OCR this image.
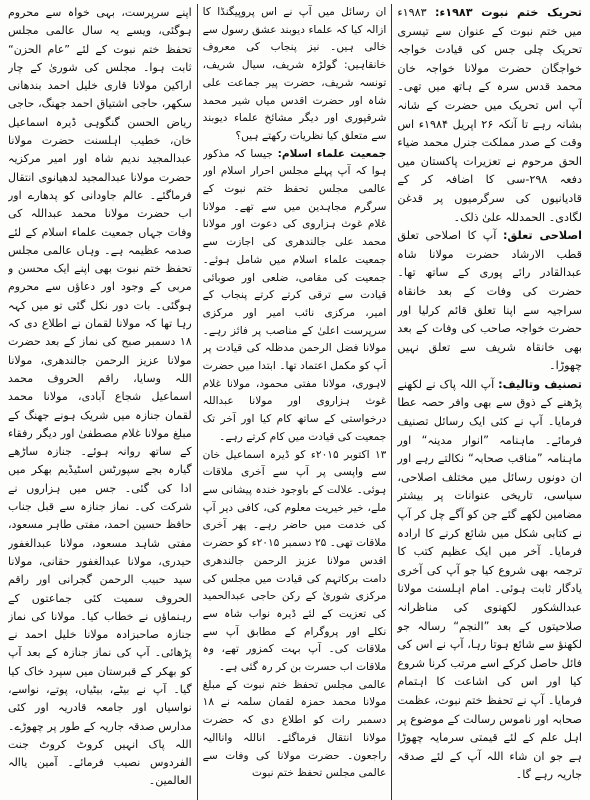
تحریک ختم نبوت ۱۹۸۳ء: ۱۹۸۳ء میں ختم نبوت کے عنوان سے تیسری تحریک چلی جس کی قیادت خواجہ خواجگان حضرت مولانا خواجہ خان محمد قدس سرہ کے ہاتھ میں تھی۔ آپ اس تحریک میں حضرت کے شانہ بشانہ رہے تا آنکہ ۲۶ اپریل ۱۹۸۴ء اس وقت کے صدر مملکت جنرل محمد ضیاء الحق مرحوم نے تعزیرات پاکستان میں دفعہ ۲۹۸-سی کا اضافہ کر کے قادیانیوں کی سرگرمیوں پر قدغن لگادی۔ الحمدللہ علیٰ ذلک۔

اصلاحی تعلق: آپ کا اصلاحی تعلق قطب الارشاد حضرت مولانا شاہ عبدالقادر رائے پوری کے ساتھ تھا۔ حضرت کی وفات کے بعد خانقاہ سراجیہ سے اپنا تعلق قائم کرلیا اور حضرت خواجہ صاحب کی وفات کے بعد بھی خانقاہ شریف سے تعلق نہیں چھوڑا۔

تصنیف وتالیف: آپ اللہ پاک نے لکھنے پڑھنے کے ذوق سے بھی وافر حصہ عطا فرمایا۔ آپ نے کئی ایک رسائل تصنیف فرمائے۔ ماہنامہ ”انوار مدینہ“ اور ماہنامہ ”مناقب صحابہ“ نکالتے رہے اور ان دونوں رسائل میں مختلف اصلاحی، سیاسی، تاریخی عنوانات پر بیشتر مضامین لکھے گئے جن کو آگے چل کر آپ نے کتابی شکل میں شائع کرنے کا ارادہ فرمایا۔ آخر میں ایک عظیم کتب کا ترجمہ بھی شروع کیا جو آپ کی آخری یادگار ثابت ہوئی۔ امام اہلسنت مولانا عبدالشکور لکھنوی کی مناظرانہ صلاحیتوں کے بعد ”النجم“ رسالہ جو لکھنؤ سے شائع ہوتا رہا، آپ نے اس کی فائل حاصل کرکے اسے مرتب کرنا شروع کیا اور اس کی اشاعت کا اہتمام فرمایا۔ آپ نے تحفظ ختم نبوت، عظمت صحابہ اور ناموس رسالت کے موضوع پر اہل علم کے لئے قیمتی سرمایہ چھوڑا ہے جو ان شاء اللہ آپ کے لئے صدقہ جاریہ رہے گا۔

ان رسائل میں آپ نے اس پروپیگنڈا کا ازالہ کیا کہ علماء دیوبند عشق رسول سے خالی ہیں۔ نیز پنجاب کی معروف خانقاہیں: گولڑہ شریف، سیال شریف، تونسہ شریف، حضرت پیر جماعت علی شاہ اور حضرت اقدس میاں شیر محمد شرقپوری اور دیگر مشائخ علماء دیوبند سے متعلق کیا نظریات رکھتے ہیں؟

جمعیت علماء اسلام: جیسا کہ مذکور ہوا کہ آپ پہلے مجلس احرار اسلام اور عالمی مجلس تحفظ ختم نبوت کے سرگرم مجاہدین میں سے تھے۔ مولانا غلام غوث ہزاروی کی دعوت اور مولانا محمد علی جالندھری کی اجازت سے جمعیت علماء اسلام میں شامل ہوئے۔ جمعیت کی مقامی، ضلعی اور صوبائی قیادت سے ترقی کرتے کرتے پنجاب کے امیر، مرکزی نائب امیر اور مرکزی سرپرست اعلیٰ کے مناصب پر فائز رہے۔ مولانا فضل الرحمن مدظلہ کی قیادت پر آپ کو مکمل اعتماد تھا۔ ابتدا میں حضرت لاہوری، مولانا مفتی محمود، مولانا غلام غوث ہزاروی اور مولانا عبداللہ درخواستی کے ساتھ کام کیا اور آخر تک جمعیت کی قیادت میں کام کرتے رہے۔

۱۳ اکتوبر ۲۰۱۵ء کو ڈیرہ اسماعیل خان سے واپسی پر آپ سے آخری ملاقات ہوئی۔ علالت کے باوجود خندہ پیشانی سے ملے، خیر خیریت معلوم کی، کافی دیر آپ کی خدمت میں حاضر رہے۔ پھر آخری ملاقات تھی۔ ۲۵ دسمبر ۲۰۱۵ء کو حضرت اقدس مولانا عزیز الرحمن جالندھری دامت برکاتہم کی قیادت میں مجلس کی مرکزی شوریٰ کے رکن حاجی عبدالحمید کی تعزیت کے لئے ڈیرہ نواب شاہ سے نکلے اور پروگرام کے مطابق آپ سے ملاقات کی۔ آپ بہت کمزور تھے، وہ ملاقات اب حسرت بن کر رہ گئی ہے۔

عالمی مجلس تحفظ ختم نبوت کے مبلغ مولانا محمد حمزہ لقمان سلمہ نے ۱۸ دسمبر رات کو اطلاع دی کہ حضرت مولانا انتقال فرماگئے۔ اناللہ واناالیہ راجعون۔ حضرت مولانا کی وفات سے عالمی مجلس تحفظ ختم نبوت

اپنے سرپرست، بہی خواہ سے محروم ہوگئی، ویسے یہ سال عالمی مجلس تحفظ ختم نبوت کے لئے ”عام الحزن“ ثابت ہوا۔ مجلس کی شوریٰ کے چار اراکین مولانا قاری خلیل احمد بندھانی سکھر، حاجی اشتیاق احمد جھنگ، حاجی ریاض الحسن گنگوہی ڈیرہ اسماعیل خان، خطیب اہلسنت حضرت مولانا عبدالمجید ندیم شاہ اور امیر مرکزیہ حضرت مولانا عبدالمجید لدھیانوی انتقال فرماگئے۔ عالم جاودانی کو پدھارے اور اب حضرت مولانا محمد عبداللہ کی وفات جہاں جمعیت علماء اسلام کے لئے صدمہ عظیمہ ہے۔ وہاں عالمی مجلس تحفظ ختم نبوت بھی اپنے ایک محسن و مربی کے وجود اور دعاؤں سے محروم ہوگئی۔ بات دور نکل گئی تو میں کہہ رہا تھا کہ مولانا لقمان نے اطلاع دی کہ ۱۸ دسمبر صبح کی نماز کے بعد حضرت مولانا عزیز الرحمن جالندھری، مولانا اللہ وسایا، راقم الحروف محمد اسماعیل شجاع آبادی، مولانا محمد لقمان جنازہ میں شریک ہونے جھنگ کے مبلغ مولانا غلام مصطفیٰ اور دیگر رفقاء کے ساتھ روانہ ہوئے۔ جنازہ ساڑھے گیارہ بجے سپورٹس اسٹیڈیم بھکر میں ادا کی گئی۔ جس میں ہزاروں نے شرکت کی۔ نماز جنازہ سے قبل جناب حافظ حسین احمد، مفتی طاہر مسعود، مفتی شاہد مسعود، مولانا عبدالغفور حیدری، مولانا عبدالغفور حقانی، مولانا سید حبیب الرحمن گجرانی اور راقم الحروف سمیت کئی جماعتوں کے رہنماؤں نے خطاب کیا۔ مولانا کی نماز جنازہ صاحبزادہ مولانا خلیل احمد نے پڑھائی۔ آپ کی نماز جنازہ کے بعد آپ کو بھکر کے قبرستان میں سپرد خاک کیا گیا۔ آپ نے بیٹے، بیٹیاں، پوتے، نواسے، نواسیاں اور جامعہ قادریہ اور کئی مدارس صدقہ جاریہ کے طور پر چھوڑے۔ اللہ پاک انہیں کروٹ کروٹ جنت الفردوس نصیب فرمائے۔ آمین یاالہ العالمین۔
